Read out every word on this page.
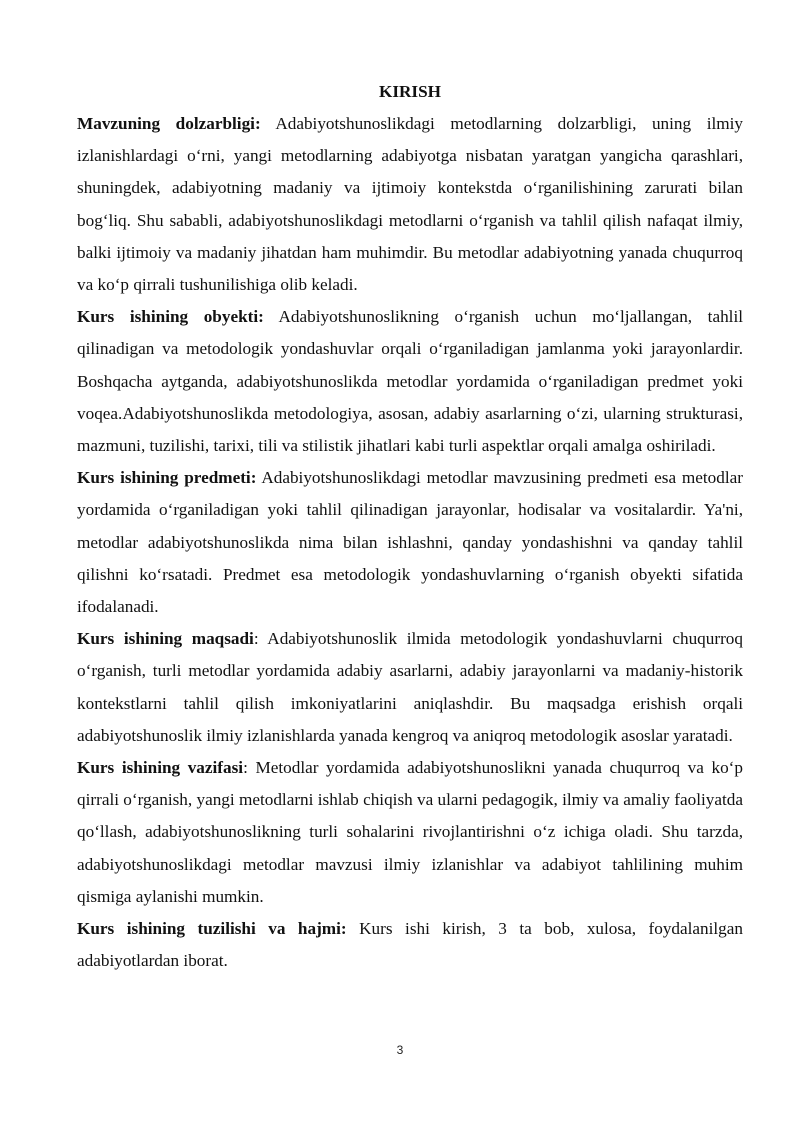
KIRISH

Mavzuning dolzarbligi: Adabiyotshunoslikdagi metodlarning dolzarbligi, uning ilmiy izlanishlardagi o‘rni, yangi metodlarning adabiyotga nisbatan yaratgan yangicha qarashlari, shuningdek, adabiyotning madaniy va ijtimoiy kontekstda o‘rganilishining zarurati bilan bog‘liq. Shu sababli, adabiyotshunoslikdagi metodlarni o‘rganish va tahlil qilish nafaqat ilmiy, balki ijtimoiy va madaniy jihatdan ham muhimdir. Bu metodlar adabiyotning yanada chuqurroq va ko‘p qirrali tushunilishiga olib keladi.

Kurs ishining obyekti: Adabiyotshunoslikning o‘rganish uchun mo‘ljallangan, tahlil qilinadigan va metodologik yondashuvlar orqali o‘rganiladigan jamlanma yoki jarayonlardir. Boshqacha aytganda, adabiyotshunoslikda metodlar yordamida o‘rganiladigan predmet yoki voqea.Adabiyotshunoslikda metodologiya, asosan, adabiy asarlarning o‘zi, ularning strukturasi, mazmuni, tuzilishi, tarixi, tili va stilistik jihatlari kabi turli aspektlar orqali amalga oshiriladi.

Kurs ishining predmeti: Adabiyotshunoslikdagi metodlar mavzusining predmeti esa metodlar yordamida o‘rganiladigan yoki tahlil qilinadigan jarayonlar, hodisalar va vositalardir. Ya'ni, metodlar adabiyotshunoslikda nima bilan ishlashni, qanday yondashishni va qanday tahlil qilishni ko‘rsatadi. Predmet esa metodologik yondashuvlarning o‘rganish obyekti sifatida ifodalanadi.

Kurs ishining maqsadi: Adabiyotshunoslik ilmida metodologik yondashuvlarni chuqurroq o‘rganish, turli metodlar yordamida adabiy asarlarni, adabiy jarayonlarni va madaniy-historik kontekstlarni tahlil qilish imkoniyatlarini aniqlashdir. Bu maqsadga erishish orqali adabiyotshunoslik ilmiy izlanishlarda yanada kengroq va aniqroq metodologik asoslar yaratadi.

Kurs ishining vazifasi: Metodlar yordamida adabiyotshunoslikni yanada chuqurroq va ko‘p qirrali o‘rganish, yangi metodlarni ishlab chiqish va ularni pedagogik, ilmiy va amaliy faoliyatda qo‘llash, adabiyotshunoslikning turli sohalarini rivojlantirishni o‘z ichiga oladi. Shu tarzda, adabiyotshunoslikdagi metodlar mavzusi ilmiy izlanishlar va adabiyot tahlilining muhim qismiga aylanishi mumkin.

Kurs ishining tuzilishi va hajmi: Kurs ishi kirish, 3 ta bob, xulosa, foydalanilgan adabiyotlardan iborat.

3
